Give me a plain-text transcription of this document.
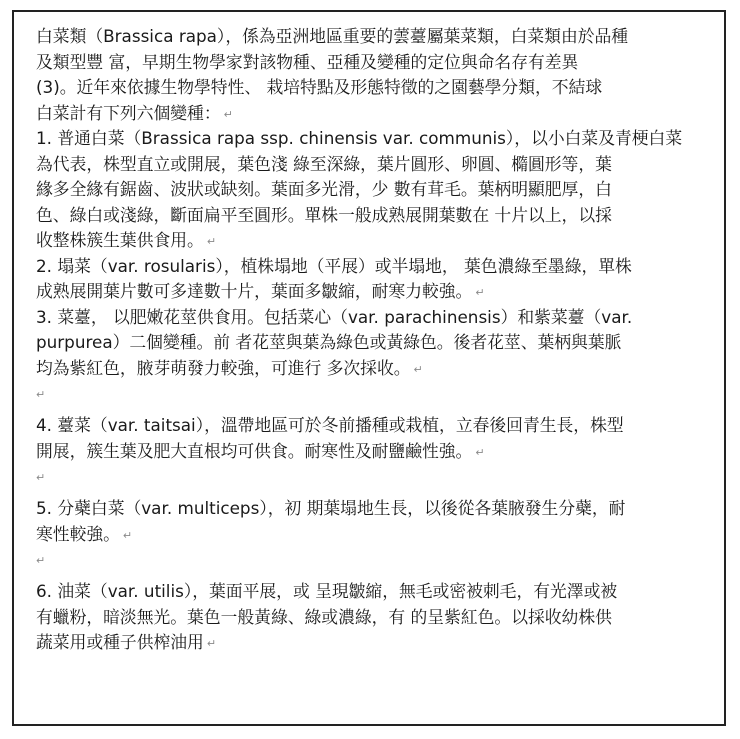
白菜類（Brassica rapa），係為亞洲地區重要的蕓薹屬葉菜類，白菜類由於品種
及類型豐 富，早期生物學家對該物種、亞種及變種的定位與命名存有差異
(3)。近年來依據生物學特性、 栽培特點及形態特徵的之園藝學分類，不結球
白菜計有下列六個變種： ↵

1. 普通白菜（Brassica rapa ssp. chinensis var. communis），以小白菜及青梗白菜
為代表，株型直立或開展，葉色淺 綠至深綠，葉片圓形、卵圓、橢圓形等，葉
緣多全緣有鋸齒、波狀或缺刻。葉面多光滑，少 數有茸毛。葉柄明顯肥厚，白
色、綠白或淺綠，斷面扁平至圓形。單株一般成熟展開葉數在 十片以上，以採
收整株簇生葉供食用。 ↵

2. 塌菜（var. rosularis），植株塌地（平展）或半塌地， 葉色濃綠至墨綠，單株
成熟展開葉片數可多達數十片，葉面多皺縮，耐寒力較強。 ↵

3. 菜薹， 以肥嫩花莖供食用。包括菜心（var. parachinensis）和紫菜薹（var.
purpurea）二個變種。前 者花莖與葉為綠色或黃綠色。後者花莖、葉柄與葉脈
均為紫紅色，腋芽萌發力較強，可進行 多次採收。 ↵

↵

4. 薹菜（var. taitsai），溫帶地區可於冬前播種或栽植，立春後回青生長，株型
開展，簇生葉及肥大直根均可供食。耐寒性及耐鹽鹼性強。 ↵

↵

5. 分蘗白菜（var. multiceps），初 期葉塌地生長，以後從各葉腋發生分蘗，耐
寒性較強。 ↵

↵

6. 油菜（var. utilis），葉面平展，或 呈現皺縮，無毛或密被刺毛，有光澤或被
有蠟粉，暗淡無光。葉色一般黃綠、綠或濃綠，有 的呈紫紅色。以採收幼株供
蔬菜用或種子供榨油用 ↵
